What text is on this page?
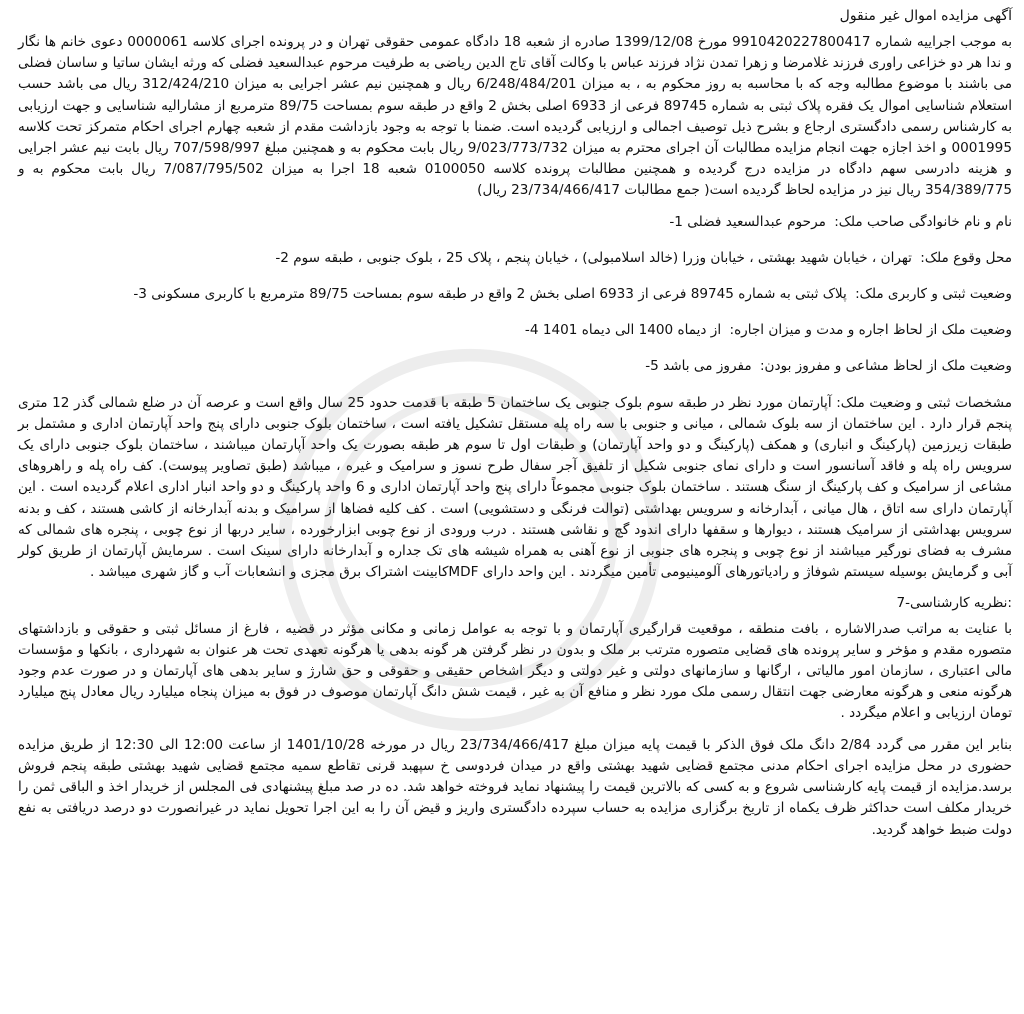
آگهی مزایده اموال غیر منقول

به موجب اجراییه شماره 9910420227800417 مورخ 1399/12/08 صادره از شعبه 18 دادگاه عمومی حقوقی تهران و در پرونده اجرای کلاسه 0000061 دعوی خانم ها نگار و ندا هر دو خزاعی راوری فرزند غلامرضا و زهرا تمدن نژاد فرزند عباس با وکالت آقای تاج الدین ریاضی به طرفیت مرحوم عبدالسعید فضلی که ورثه ایشان ساتیا و ساسان فضلی می باشند با موضوع مطالبه وجه که با محاسبه به روز محکوم به ، به میزان 6/248/484/201 ریال و همچنین نیم عشر اجرایی به میزان 312/424/210 ریال می باشد حسب استعلام شناسایی اموال یک فقره پلاک ثبتی به شماره 89745 فرعی از 6933 اصلی بخش 2 واقع در طبقه سوم بمساحت 89/75 مترمربع از مشارالیه شناسایی و جهت ارزیابی به کارشناس رسمی دادگستری ارجاع و بشرح ذیل توصیف اجمالی و ارزیابی گردیده است. ضمنا با توجه به وجود بازداشت مقدم از شعبه چهارم اجرای احکام متمرکز تحت کلاسه 0001995 و اخذ اجازه جهت انجام مزایده مطالبات آن اجرای محترم به میزان 9/023/773/732 ریال بابت محکوم به و همچنین مبلغ 707/598/997 ریال بابت نیم عشر اجرایی و هزینه دادرسی سهم دادگاه در مزایده درج گردیده و همچنین مطالبات پرونده کلاسه 0100050 شعبه 18 اجرا به میزان 7/087/795/502 ریال بابت محکوم به و 354/389/775 ریال نیز در مزایده لحاظ گردیده است( جمع مطالبات 23/734/466/417 ریال)

نام و نام خانوادگی صاحب ملک: مرحوم عبدالسعید فضلی 1-
محل وقوع ملک: تهران ، خیابان شهید بهشتی ، خیابان وزرا (خالد اسلامبولی) ، خیابان پنجم ، پلاک 25 ، بلوک جنوبی ، طبقه سوم 2-
وضعیت ثبتی و کاربری ملک: پلاک ثبتی به شماره 89745 فرعی از 6933 اصلی بخش 2 واقع در طبقه سوم بمساحت 89/75 مترمربع با کاربری مسکونی 3-
وضعیت ملک از لحاظ اجاره و مدت و میزان اجاره: از دیماه 1400 الی دیماه 1401 4-
وضعیت ملک از لحاظ مشاعی و مفروز بودن: مفروز می باشد 5-

مشخصات ثبتی و وضعیت ملک: آپارتمان مورد نظر در طبقه سوم بلوک جنوبی یک ساختمان 5 طبقه با قدمت حدود 25 سال واقع است و عرصه آن در ضلع شمالی گذر 12 متری پنجم قرار دارد . این ساختمان از سه بلوک شمالی ، میانی و جنوبی با سه راه پله مستقل تشکیل یافته است ، ساختمان بلوک جنوبی دارای پنج واحد آپارتمان اداری و مشتمل بر طبقات زیرزمین (پارکینگ و انباری) و همکف (پارکینگ و دو واحد آپارتمان) و طبقات اول تا سوم هر طبقه بصورت یک واحد آپارتمان میباشند ، ساختمان بلوک جنوبی دارای یک سرویس راه پله و فاقد آسانسور است و دارای نمای جنوبی شکیل از تلفیق آجر سفال طرح نسوز و سرامیک و غیره ، میباشد (طبق تصاویر پیوست). کف راه پله و راهروهای مشاعی از سرامیک و کف پارکینگ از سنگ هستند . ساختمان بلوک جنوبی مجموعاً دارای پنج واحد آپارتمان اداری و 6 واحد پارکینگ و دو واحد انبار اداری اعلام گردیده است . این آپارتمان دارای سه اتاق ، هال میانی ، آبدارخانه و سرویس بهداشتی (توالت فرنگی و دستشویی) است . کف کلیه فضاها از سرامیک و بدنه آبدارخانه از کاشی هستند ، کف و بدنه سرویس بهداشتی از سرامیک هستند ، دیوارها و سقفها دارای اندود گچ و نقاشی هستند . درب ورودی از نوع چوبی ابزارخورده ، سایر دربها از نوع چوبی ، پنجره های شمالی که مشرف به فضای نورگیر میباشند از نوع چوبی و پنجره های جنوبی از نوع آهنی به همراه شیشه های تک جداره و آبدارخانه دارای سینک است . سرمایش آپارتمان از طریق کولر آبی و گرمایش بوسیله سیستم شوفاژ و رادیاتورهای آلومینیومی تأمین میگردند . این واحد دارای MDFکابینت اشتراک برق مجزی و انشعابات آب و گاز شهری میباشد .

:نظریه کارشناسی-7

با عنایت به مراتب صدرالاشاره ، بافت منطقه ، موقعیت قرارگیری آپارتمان و با توجه به عوامل زمانی و مکانی مؤثر در قضیه ، فارغ از مسائل ثبتی و حقوقی و بازداشتهای متصوره مقدم و مؤخر و سایر پرونده های قضایی متصوره مترتب بر ملک و بدون در نظر گرفتن هر گونه بدهی یا هرگونه تعهدی تحت هر عنوان به شهرداری ، بانکها و مؤسسات مالی اعتباری ، سازمان امور مالیاتی ، ارگانها و سازمانهای دولتی و غیر دولتی و دیگر اشخاص حقیقی و حقوقی و حق شارژ و سایر بدهی های آپارتمان و در صورت عدم وجود هرگونه منعی و هرگونه معارضی جهت انتقال رسمی ملک مورد نظر و منافع آن به غیر ، قیمت شش دانگ آپارتمان موصوف در فوق به میزان پنجاه میلیارد ریال معادل پنج میلیارد تومان ارزیابی و اعلام میگردد .

بنابر این مقرر می گردد 2/84 دانگ ملک فوق الذکر با قیمت پایه میزان مبلغ 23/734/466/417 ریال در مورخه 1401/10/28 از ساعت 12:00 الی 12:30 از طریق مزایده حضوری در محل مزایده اجرای احکام مدنی مجتمع قضایی شهید بهشتی واقع در میدان فردوسی خ سپهبد قرنی تقاطع سمیه مجتمع قضایی شهید بهشتی طبقه پنجم فروش برسد.مزایده از قیمت پایه کارشناسی شروع و به کسی که بالاترین قیمت را پیشنهاد نماید فروخته خواهد شد. ده در صد مبلغ پیشنهادی فی المجلس از خریدار اخذ و الباقی ثمن را خریدار مکلف است حداکثر ظرف یکماه از تاریخ برگزاری مزایده به حساب سپرده دادگستری واریز و قیض آن را به این اجرا تحویل نماید در غیرانصورت دو درصد دریافتی به نفع دولت ضبط خواهد گردید.
